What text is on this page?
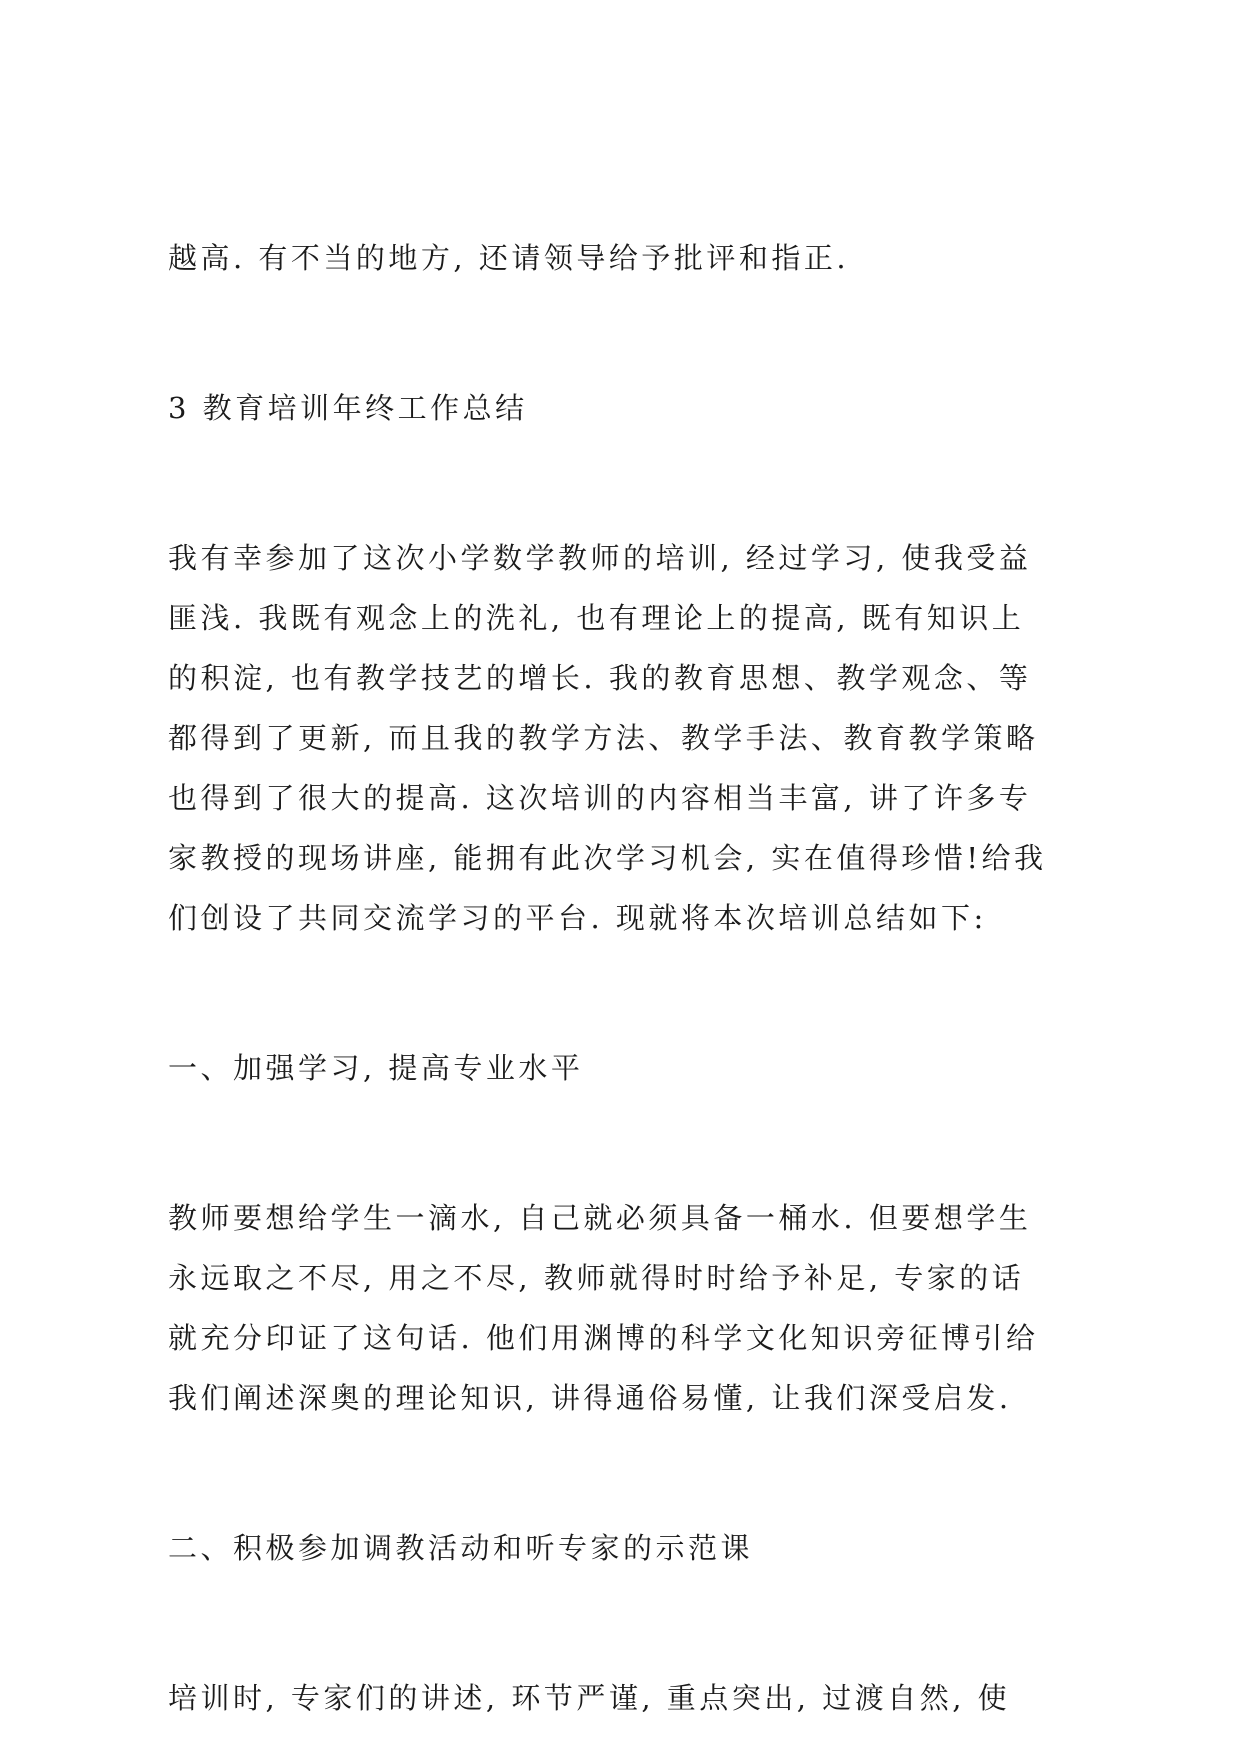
越高. 有不当的地方, 还请领导给予批评和指正.
3 教育培训年终工作总结
我有幸参加了这次小学数学教师的培训, 经过学习, 使我受益
匪浅. 我既有观念上的洗礼, 也有理论上的提高, 既有知识上
的积淀, 也有教学技艺的增长. 我的教育思想、教学观念、等
都得到了更新, 而且我的教学方法、教学手法、教育教学策略
也得到了很大的提高. 这次培训的内容相当丰富, 讲了许多专
家教授的现场讲座, 能拥有此次学习机会, 实在值得珍惜!给我
们创设了共同交流学习的平台. 现就将本次培训总结如下:
一、加强学习, 提高专业水平
教师要想给学生一滴水, 自己就必须具备一桶水. 但要想学生
永远取之不尽, 用之不尽, 教师就得时时给予补足, 专家的话
就充分印证了这句话. 他们用渊博的科学文化知识旁征博引给
我们阐述深奥的理论知识, 讲得通俗易懂, 让我们深受启发.
二、积极参加调教活动和听专家的示范课
培训时, 专家们的讲述, 环节严谨, 重点突出, 过渡自然, 使
